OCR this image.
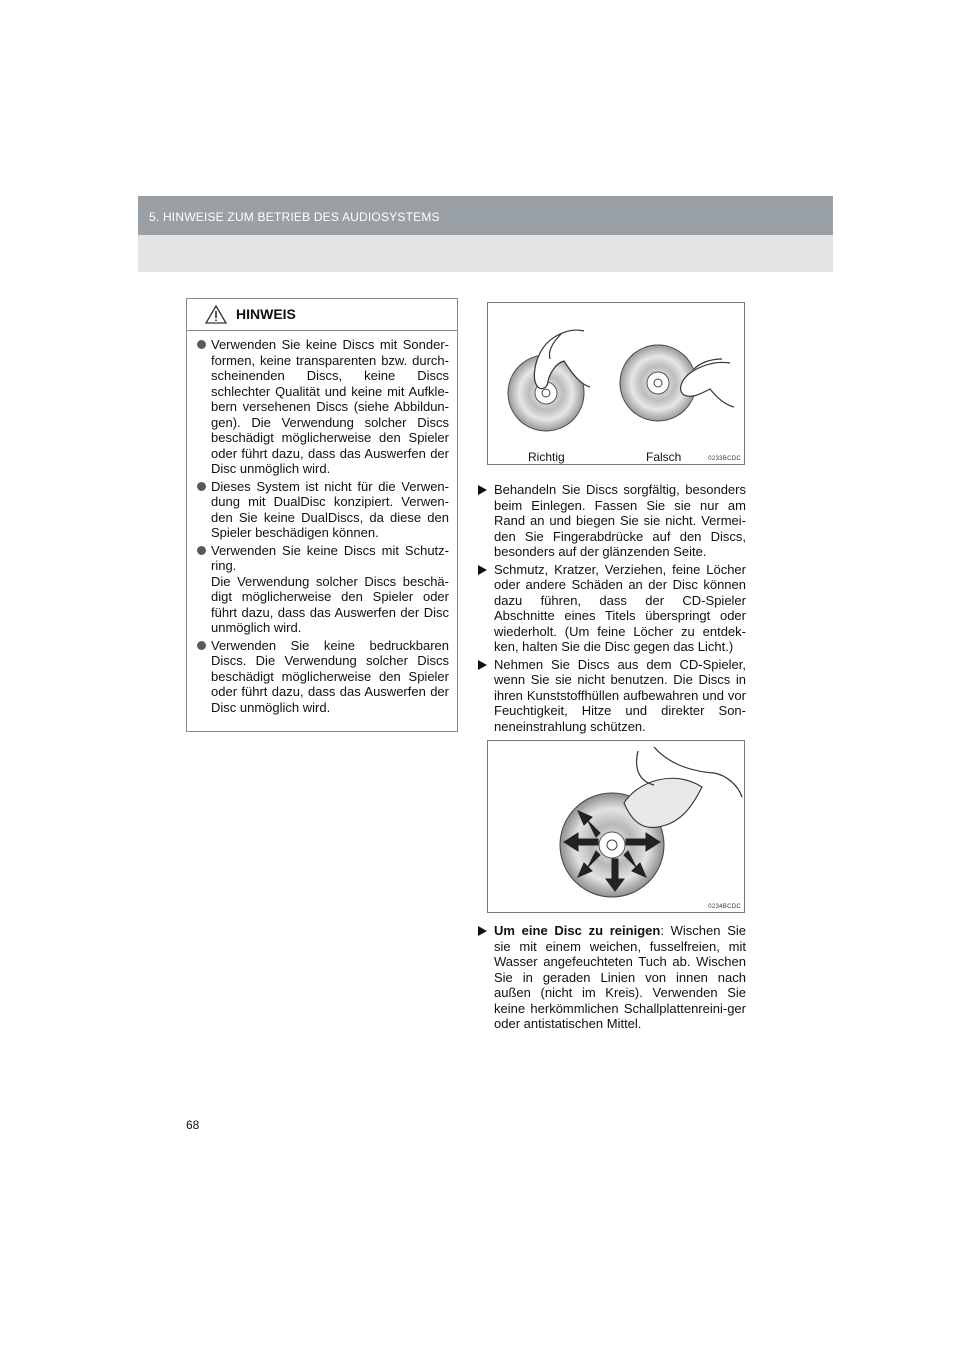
5. HINWEISE ZUM BETRIEB DES AUDIOSYSTEMS
HINWEIS
Verwenden Sie keine Discs mit Sonder-formen, keine transparenten bzw. durch-scheinenden Discs, keine Discs schlechter Qualität und keine mit Aufkle-bern versehenen Discs (siehe Abbildun-gen). Die Verwendung solcher Discs beschädigt möglicherweise den Spieler oder führt dazu, dass das Auswerfen der Disc unmöglich wird.
Dieses System ist nicht für die Verwen-dung mit DualDisc konzipiert. Verwen-den Sie keine DualDiscs, da diese den Spieler beschädigen können.
Verwenden Sie keine Discs mit Schutz-ring.
Die Verwendung solcher Discs beschä-digt möglicherweise den Spieler oder führt dazu, dass das Auswerfen der Disc unmöglich wird.
Verwenden Sie keine bedruckbaren Discs. Die Verwendung solcher Discs beschädigt möglicherweise den Spieler oder führt dazu, dass das Auswerfen der Disc unmöglich wird.
Richtig	Falsch	0233BCDC
Behandeln Sie Discs sorgfältig, besonders beim Einlegen. Fassen Sie sie nur am Rand an und biegen Sie sie nicht. Vermei-den Sie Fingerabdrücke auf den Discs, besonders auf der glänzenden Seite.
Schmutz, Kratzer, Verziehen, feine Löcher oder andere Schäden an der Disc können dazu führen, dass der CD-Spieler Abschnitte eines Titels überspringt oder wiederholt. (Um feine Löcher zu entdek-ken, halten Sie die Disc gegen das Licht.)
Nehmen Sie Discs aus dem CD-Spieler, wenn Sie sie nicht benutzen. Die Discs in ihren Kunststoffhüllen aufbewahren und vor Feuchtigkeit, Hitze und direkter Son-neneinstrahlung schützen.
0234BCDC
Um eine Disc zu reinigen: Wischen Sie sie mit einem weichen, fusselfreien, mit Wasser angefeuchteten Tuch ab. Wischen Sie in geraden Linien von innen nach außen (nicht im Kreis). Verwenden Sie keine herkömmlichen Schallplattenreini-ger oder antistatischen Mittel.
68
